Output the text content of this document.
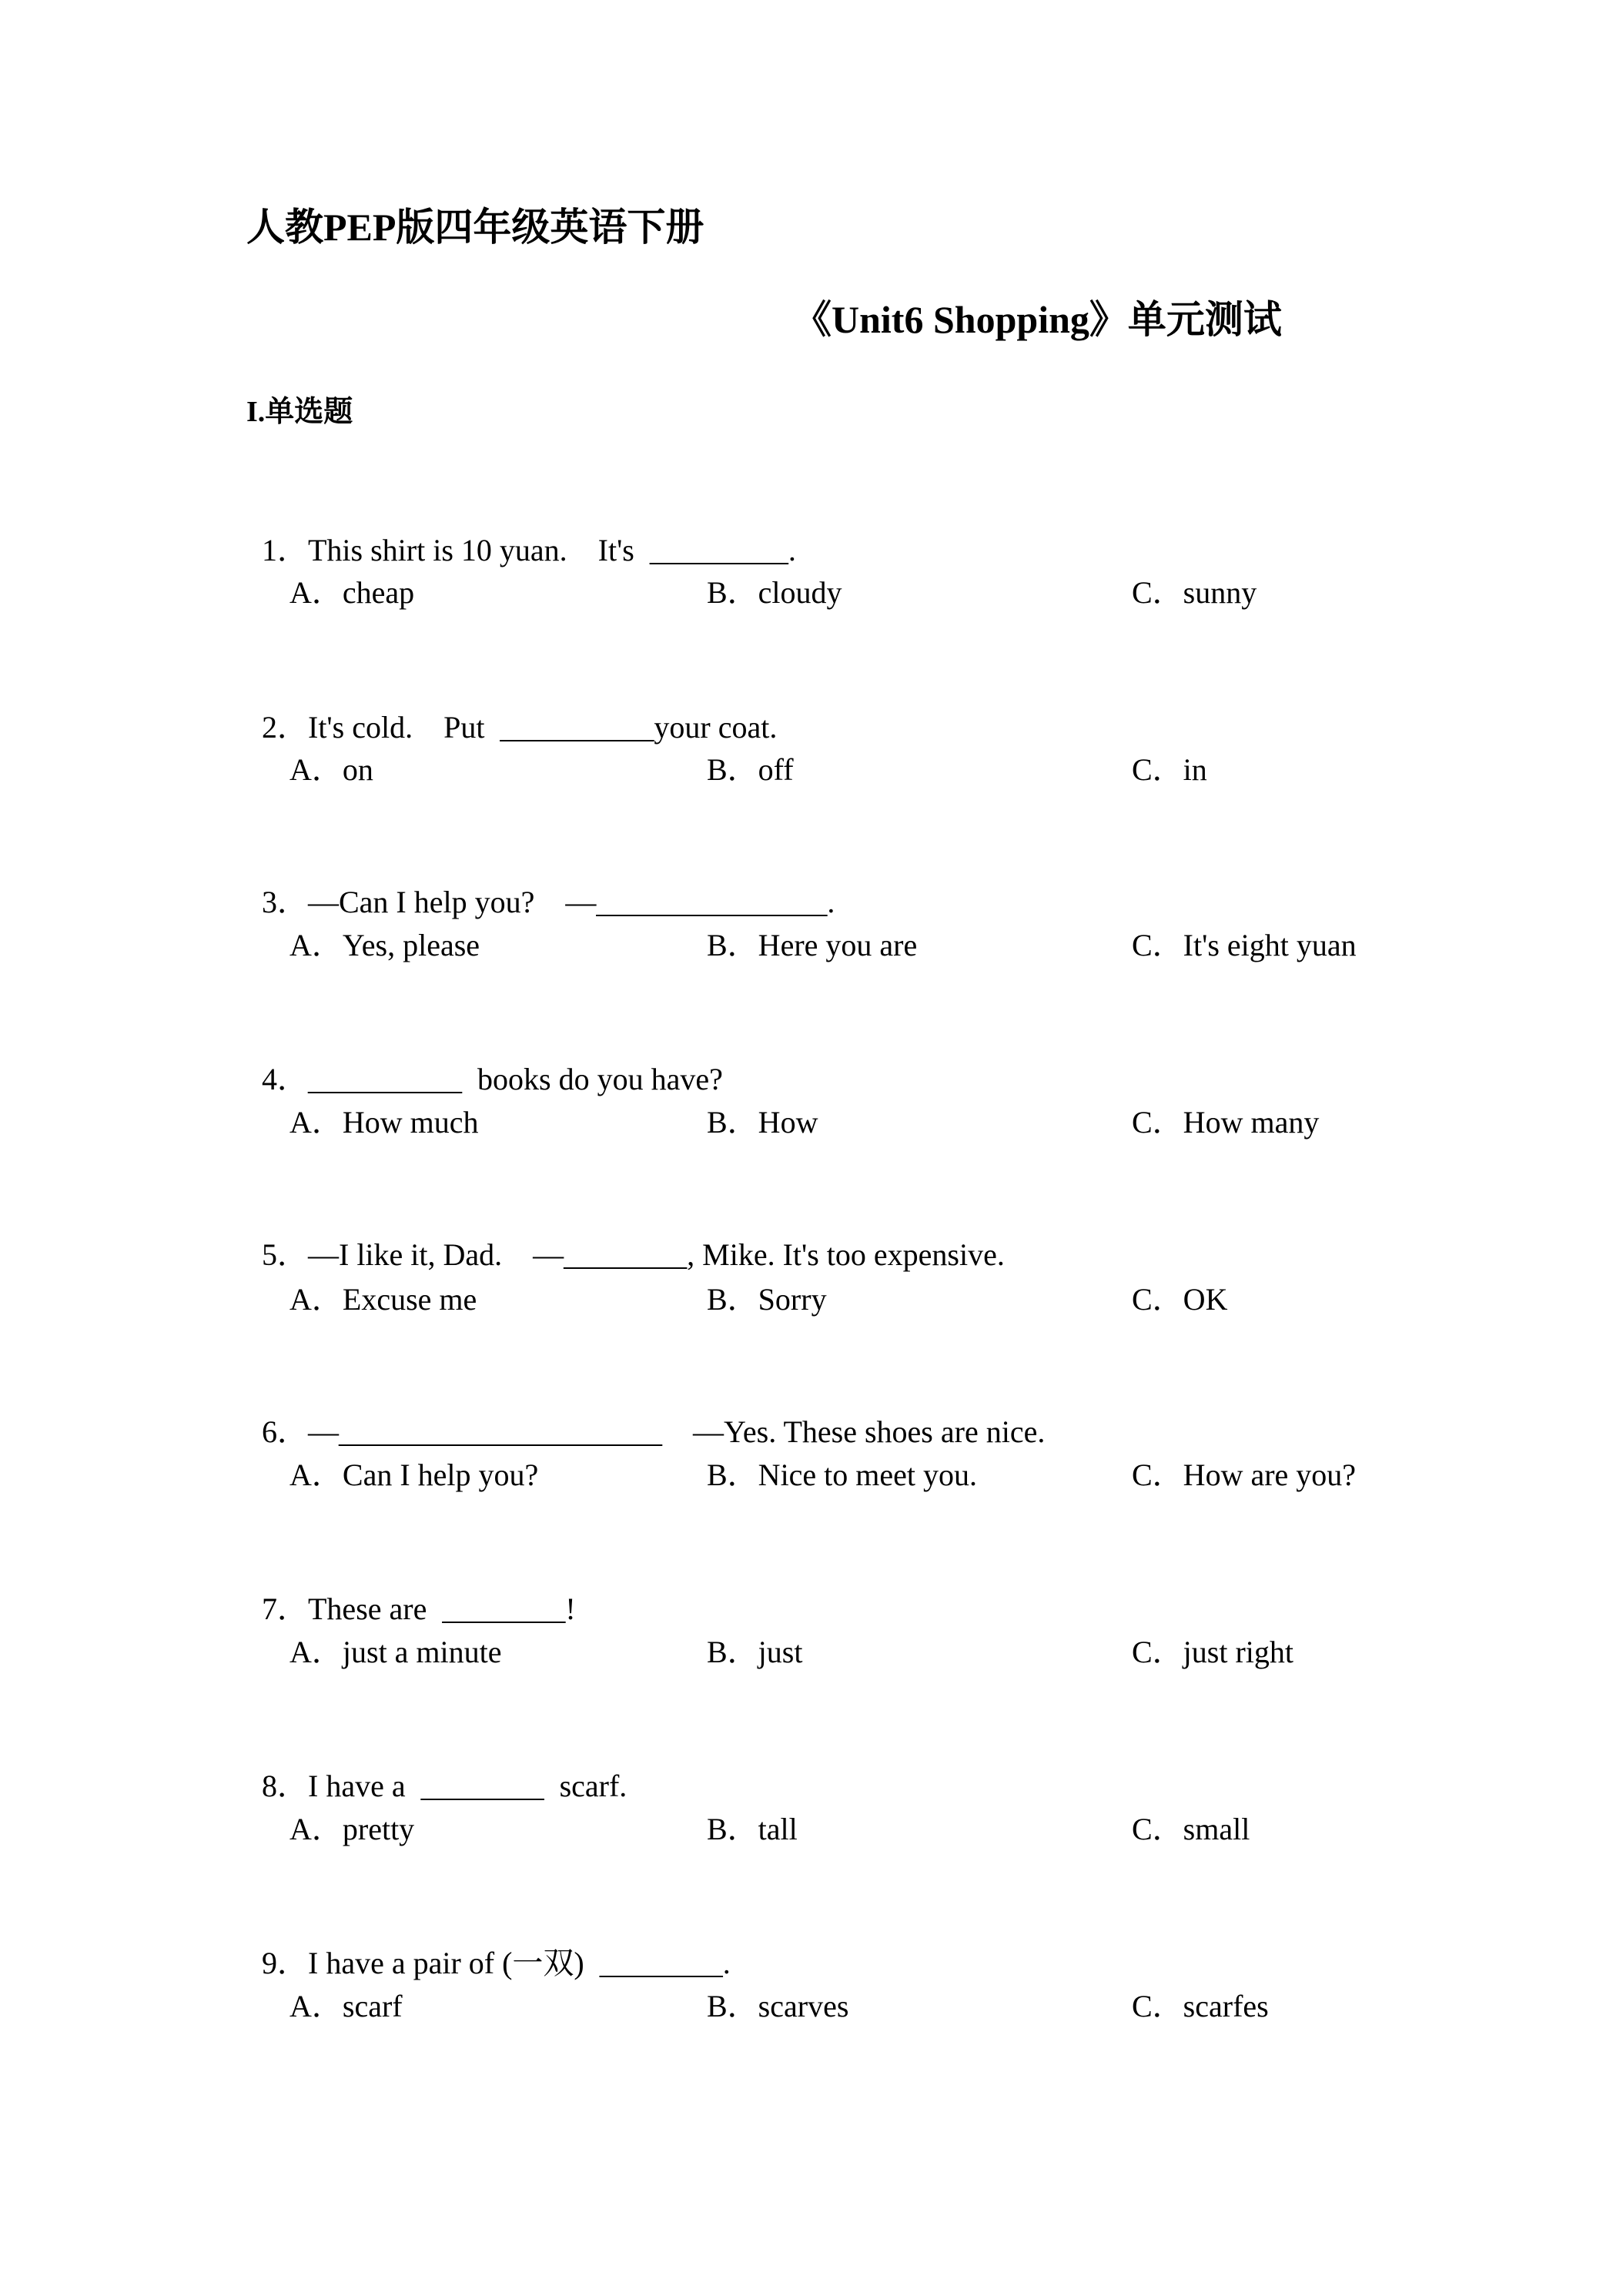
人教PEP版四年级英语下册
《Unit6 Shopping》单元测试
I.单选题

1．This shirt is 10 yuan.    It's  _________.

A．cheap	B．cloudy	C．sunny

2．It's cold.    Put  __________your coat.

A．on	B．off	C．in

3．—Can I help you?    —_______________.

A．Yes, please	B．Here you are	C．It's eight yuan

4．__________  books do you have?

A．How much	B．How	C．How many

5．—I like it, Dad.    —________, Mike. It's too expensive.

A．Excuse me	B．Sorry	C．OK

6．—_____________________    —Yes. These shoes are nice.

A．Can I help you?	B．Nice to meet you.	C．How are you?

7．These are  ________!

A．just a minute	B．just	C．just right

8．I have a  ________  scarf.

A．pretty	B．tall	C．small

9．I have a pair of (一双)  ________.

A．scarf	B．scarves	C．scarfes
